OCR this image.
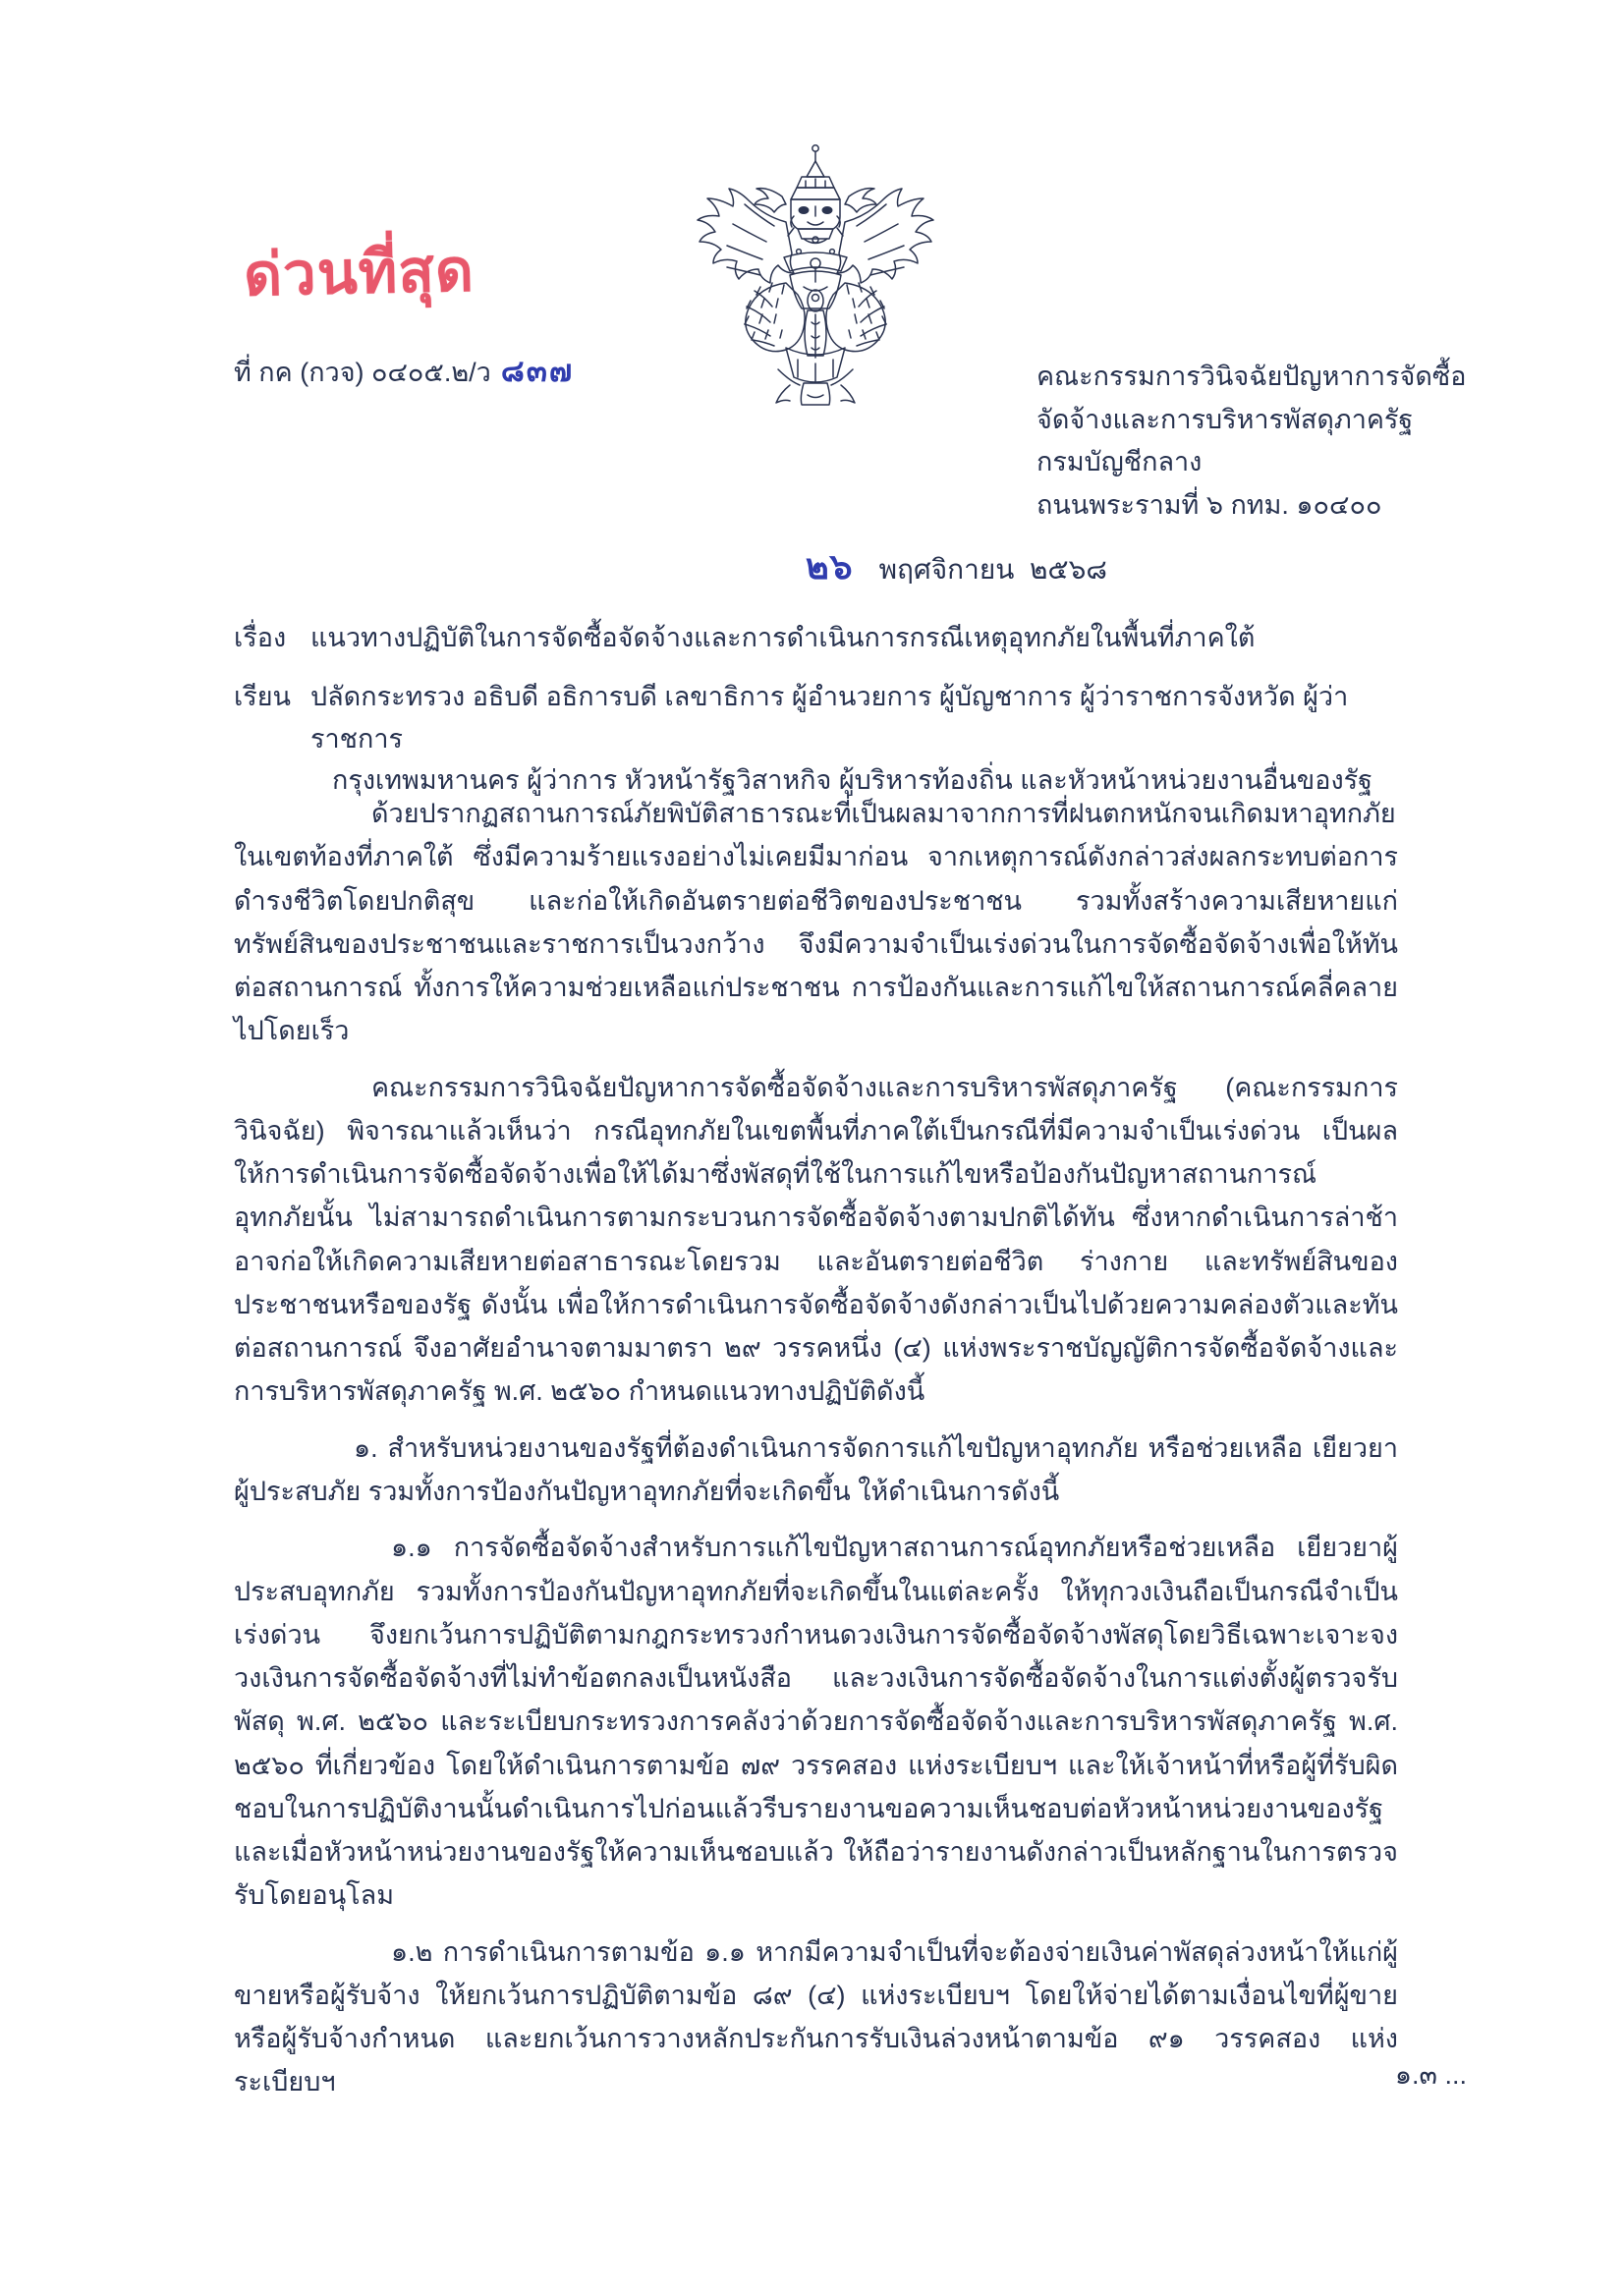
ด่วนที่สุด
ที่ กค (กวจ) ๐๔๐๕.๒/ว ๘๓๗	คณะกรรมการวินิจฉัยปัญหาการจัดซื้อ
จัดจ้างและการบริหารพัสดุภาครัฐ
กรมบัญชีกลาง
ถนนพระรามที่ ๖ กทม. ๑๐๔๐๐
๒๖ พฤศจิกายน ๒๕๖๘
เรื่อง แนวทางปฏิบัติในการจัดซื้อจัดจ้างและการดำเนินการกรณีเหตุอุทกภัยในพื้นที่ภาคใต้
เรียน ปลัดกระทรวง อธิบดี อธิการบดี เลขาธิการ ผู้อำนวยการ ผู้บัญชาการ ผู้ว่าราชการจังหวัด ผู้ว่าราชการ
กรุงเทพมหานคร ผู้ว่าการ หัวหน้ารัฐวิสาหกิจ ผู้บริหารท้องถิ่น และหัวหน้าหน่วยงานอื่นของรัฐ

ด้วยปรากฏสถานการณ์ภัยพิบัติสาธารณะที่เป็นผลมาจากการที่ฝนตกหนักจนเกิดมหาอุทกภัยในเขตท้องที่ภาคใต้ ซึ่งมีความร้ายแรงอย่างไม่เคยมีมาก่อน จากเหตุการณ์ดังกล่าวส่งผลกระทบต่อการดำรงชีวิตโดยปกติสุข และก่อให้เกิดอันตรายต่อชีวิตของประชาชน รวมทั้งสร้างความเสียหายแก่ทรัพย์สินของประชาชนและราชการเป็นวงกว้าง จึงมีความจำเป็นเร่งด่วนในการจัดซื้อจัดจ้างเพื่อให้ทันต่อสถานการณ์ ทั้งการให้ความช่วยเหลือแก่ประชาชน การป้องกันและการแก้ไขให้สถานการณ์คลี่คลายไปโดยเร็ว

คณะกรรมการวินิจฉัยปัญหาการจัดซื้อจัดจ้างและการบริหารพัสดุภาครัฐ (คณะกรรมการวินิจฉัย) พิจารณาแล้วเห็นว่า กรณีอุทกภัยในเขตพื้นที่ภาคใต้เป็นกรณีที่มีความจำเป็นเร่งด่วน เป็นผลให้การดำเนินการจัดซื้อจัดจ้างเพื่อให้ได้มาซึ่งพัสดุที่ใช้ในการแก้ไขหรือป้องกันปัญหาสถานการณ์อุทกภัยนั้น ไม่สามารถดำเนินการตามกระบวนการจัดซื้อจัดจ้างตามปกติได้ทัน ซึ่งหากดำเนินการล่าช้าอาจก่อให้เกิดความเสียหายต่อสาธารณะโดยรวม และอันตรายต่อชีวิต ร่างกาย และทรัพย์สินของประชาชนหรือของรัฐ ดังนั้น เพื่อให้การดำเนินการจัดซื้อจัดจ้างดังกล่าวเป็นไปด้วยความคล่องตัวและทันต่อสถานการณ์ จึงอาศัยอำนาจตามมาตรา ๒๙ วรรคหนึ่ง (๔) แห่งพระราชบัญญัติการจัดซื้อจัดจ้างและการบริหารพัสดุภาครัฐ พ.ศ. ๒๕๖๐ กำหนดแนวทางปฏิบัติดังนี้

๑. สำหรับหน่วยงานของรัฐที่ต้องดำเนินการจัดการแก้ไขปัญหาอุทกภัย หรือช่วยเหลือ เยียวยาผู้ประสบภัย รวมทั้งการป้องกันปัญหาอุทกภัยที่จะเกิดขึ้น ให้ดำเนินการดังนี้

๑.๑ การจัดซื้อจัดจ้างสำหรับการแก้ไขปัญหาสถานการณ์อุทกภัยหรือช่วยเหลือ เยียวยาผู้ประสบอุทกภัย รวมทั้งการป้องกันปัญหาอุทกภัยที่จะเกิดขึ้นในแต่ละครั้ง ให้ทุกวงเงินถือเป็นกรณีจำเป็นเร่งด่วน จึงยกเว้นการปฏิบัติตามกฎกระทรวงกำหนดวงเงินการจัดซื้อจัดจ้างพัสดุโดยวิธีเฉพาะเจาะจง วงเงินการจัดซื้อจัดจ้างที่ไม่ทำข้อตกลงเป็นหนังสือ และวงเงินการจัดซื้อจัดจ้างในการแต่งตั้งผู้ตรวจรับพัสดุ พ.ศ. ๒๕๖๐ และระเบียบกระทรวงการคลังว่าด้วยการจัดซื้อจัดจ้างและการบริหารพัสดุภาครัฐ พ.ศ. ๒๕๖๐ ที่เกี่ยวข้อง โดยให้ดำเนินการตามข้อ ๗๙ วรรคสอง แห่งระเบียบฯ และให้เจ้าหน้าที่หรือผู้ที่รับผิดชอบในการปฏิบัติงานนั้นดำเนินการไปก่อนแล้วรีบรายงานขอความเห็นชอบต่อหัวหน้าหน่วยงานของรัฐ และเมื่อหัวหน้าหน่วยงานของรัฐให้ความเห็นชอบแล้ว ให้ถือว่ารายงานดังกล่าวเป็นหลักฐานในการตรวจรับโดยอนุโลม

๑.๒ การดำเนินการตามข้อ ๑.๑ หากมีความจำเป็นที่จะต้องจ่ายเงินค่าพัสดุล่วงหน้าให้แก่ผู้ขายหรือผู้รับจ้าง ให้ยกเว้นการปฏิบัติตามข้อ ๘๙ (๔) แห่งระเบียบฯ โดยให้จ่ายได้ตามเงื่อนไขที่ผู้ขายหรือผู้รับจ้างกำหนด และยกเว้นการวางหลักประกันการรับเงินล่วงหน้าตามข้อ ๙๑ วรรคสอง แห่งระเบียบฯ	๑.๓ ...
